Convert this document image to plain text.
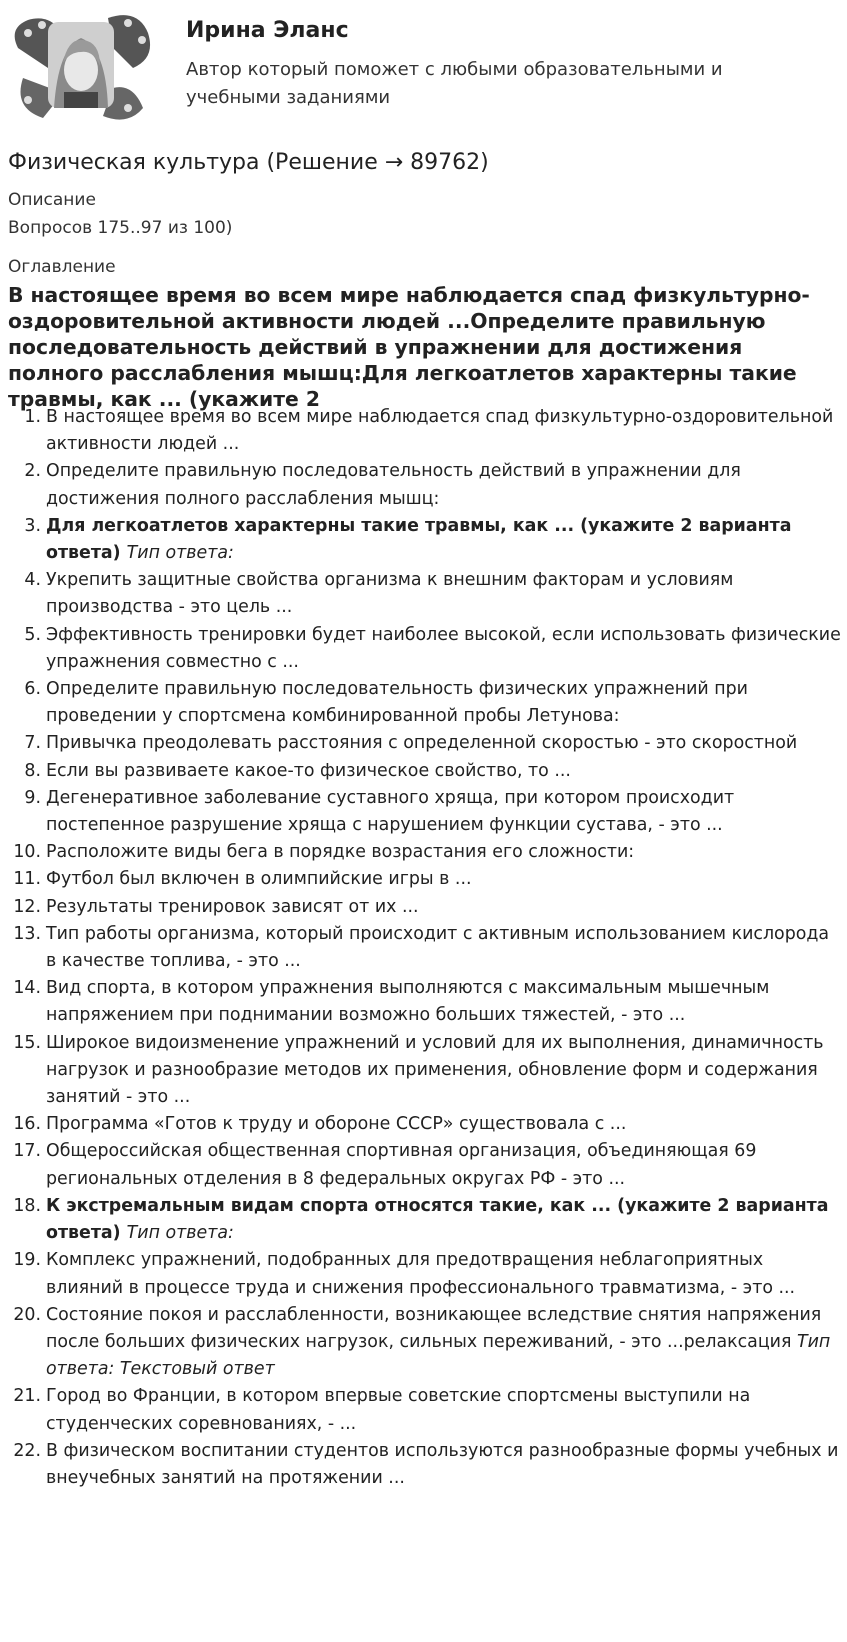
Ирина Эланс
Автор который поможет с любыми образовательными и учебными заданиями
Физическая культура (Решение → 89762)
Описание
Вопросов 175..97 из 100)
Оглавление
В настоящее время во всем мире наблюдается спад физкультурно-оздоровительной активности людей ...Определите правильную последовательность действий в упражнении для достижения полного расслабления мышц:Для легкоатлетов характерны такие травмы, как ... (укажите 2
1. В настоящее время во всем мире наблюдается спад физкультурно-оздоровительной активности людей ...
2. Определите правильную последовательность действий в упражнении для достижения полного расслабления мышц:
3. Для легкоатлетов характерны такие травмы, как ... (укажите 2 варианта ответа) Тип ответа:
4. Укрепить защитные свойства организма к внешним факторам и условиям производства - это цель ...
5. Эффективность тренировки будет наиболее высокой, если использовать физические упражнения совместно с ...
6. Определите правильную последовательность физических упражнений при проведении у спортсмена комбинированной пробы Летунова:
7. Привычка преодолевать расстояния с определенной скоростью - это скоростной
8. Если вы развиваете какое-то физическое свойство, то ...
9. Дегенеративное заболевание суставного хряща, при котором происходит постепенное разрушение хряща с нарушением функции сустава, - это ...
10. Расположите виды бега в порядке возрастания его сложности:
11. Футбол был включен в олимпийские игры в ...
12. Результаты тренировок зависят от их ...
13. Тип работы организма, который происходит с активным использованием кислорода в качестве топлива, - это ...
14. Вид спорта, в котором упражнения выполняются с максимальным мышечным напряжением при поднимании возможно больших тяжестей, - это ...
15. Широкое видоизменение упражнений и условий для их выполнения, динамичность нагрузок и разнообразие методов их применения, обновление форм и содержания занятий - это ...
16. Программа «Готов к труду и обороне СССР» существовала с ...
17. Общероссийская общественная спортивная организация, объединяющая 69 региональных отделения в 8 федеральных округах РФ - это ...
18. К экстремальным видам спорта относятся такие, как ... (укажите 2 варианта ответа) Тип ответа:
19. Комплекс упражнений, подобранных для предотвращения неблагоприятных влияний в процессе труда и снижения профессионального травматизма, - это ...
20. Состояние покоя и расслабленности, возникающее вследствие снятия напряжения после больших физических нагрузок, сильных переживаний, - это ...релаксация Тип ответа: Текстовый ответ
21. Город во Франции, в котором впервые советские спортсмены выступили на студенческих соревнованиях, - ...
22. В физическом воспитании студентов используются разнообразные формы учебных и внеучебных занятий на протяжении ...
